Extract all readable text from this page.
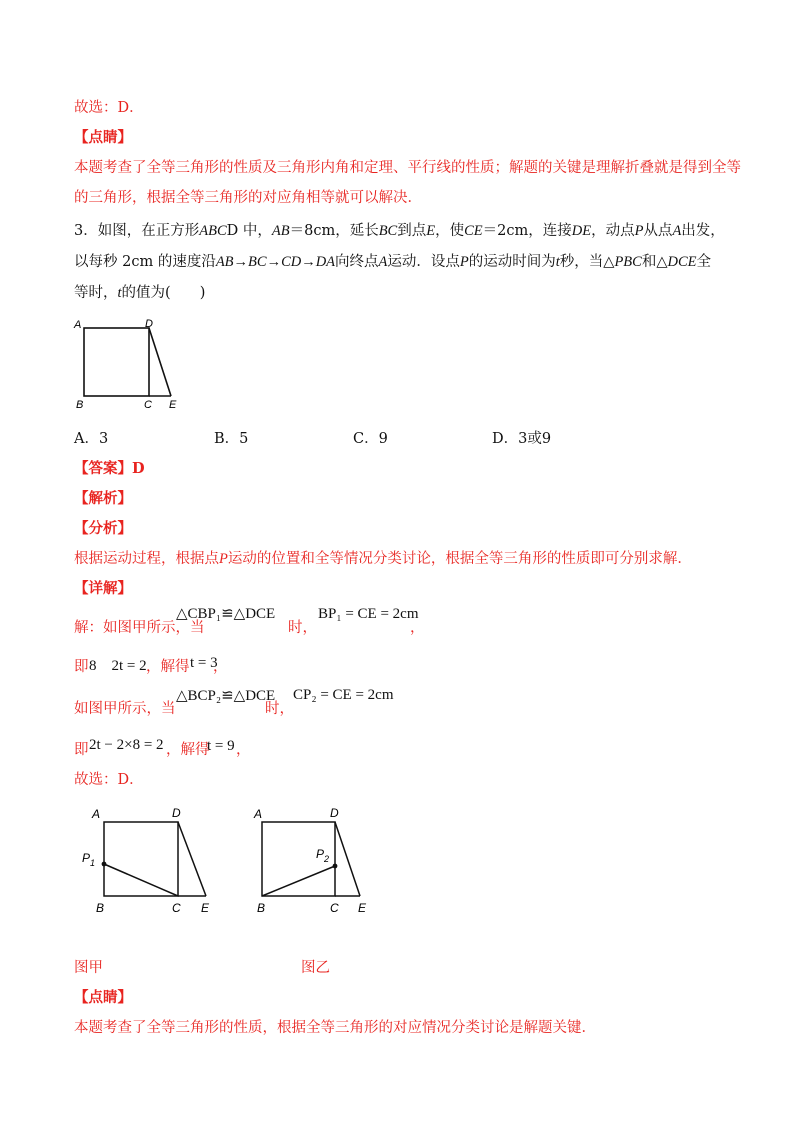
故选：D．
【点睛】
本题考查了全等三角形的性质及三角形内角和定理、平行线的性质；解题的关键是理解折叠就是得到全等
的三角形，根据全等三角形的对应角相等就可以解决．
3．如图，在正方形ABCD 中，AB＝8cm，延长BC到点E，使CE＝2cm，连接DE，动点P从点A出发，
以每秒 2cm 的速度沿AB→BC→CD→DA向终点A运动．设点P的运动时间为t秒，当△PBC和△DCE全
等时，t的值为(　　)
A	D
B	C E
A．3	B．5	C．9	D．3或9
【答案】D
【解析】
【分析】
根据运动过程，根据点P运动的位置和全等情况分类讨论，根据全等三角形的性质即可分别求解．
【详解】
解：如图甲所示，当
△CBP₁≌△DCE
时，
BP₁ = CE = 2cm
，
即 8　2t = 2 ，解得 t = 3
，
如图甲所示，当
△BCP₂≌△DCE
时，
CP₂ = CE = 2cm
即 2t − 2×8 = 2 ，解得
t = 9 ，
故选：D．
A	D
$P_1$
B	C E
A	D
$P_2$
B	C E
图甲	图乙
【点睛】
本题考查了全等三角形的性质，根据全等三角形的对应情况分类讨论是解题关键．
